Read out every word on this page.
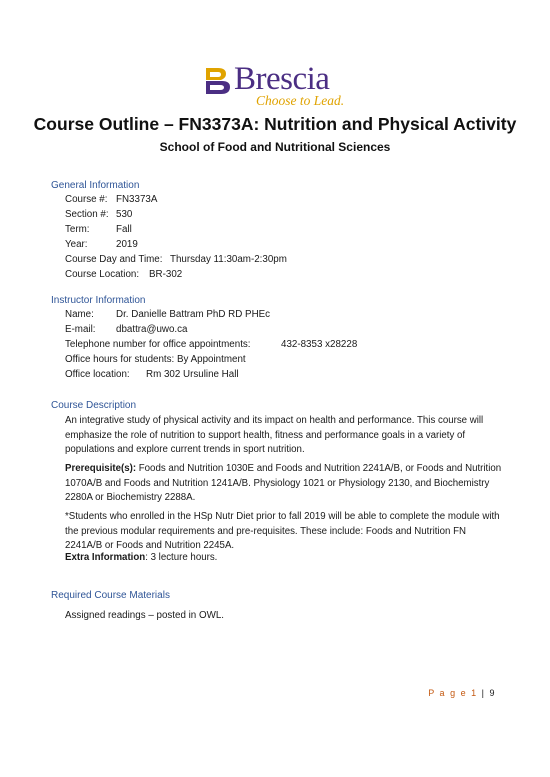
Brescia
Choose to Lead.
Course Outline – FN3373A: Nutrition and Physical Activity
School of Food and Nutritional Sciences
General Information
Course #: FN3373A
Section #: 530
Term:	Fall
Year:	2019
Course Day and Time: Thursday 11:30am-2:30pm
Course Location: BR-302
Instructor Information
Name: Dr. Danielle Battram PhD RD PHEc
E-mail: dbattra@uwo.ca
Telephone number for office appointments:	432-8353 x28228
Office hours for students: By Appointment
Office location: Rm 302 Ursuline Hall
Course Description
An integrative study of physical activity and its impact on health and performance. This course will emphasize the role of nutrition to support health, fitness and performance goals in a variety of populations and explore current trends in sport nutrition.
Prerequisite(s): Foods and Nutrition 1030E and Foods and Nutrition 2241A/B, or Foods and Nutrition 1070A/B and Foods and Nutrition 1241A/B. Physiology 1021 or Physiology 2130, and Biochemistry 2280A or Biochemistry 2288A.
*Students who enrolled in the HSp Nutr Diet prior to fall 2019 will be able to complete the module with the previous modular requirements and pre-requisites. These include: Foods and Nutrition FN 2241A/B or Foods and Nutrition 2245A.
Extra Information: 3 lecture hours.
Required Course Materials
Assigned readings – posted in OWL.
P a g e 1 | 9
